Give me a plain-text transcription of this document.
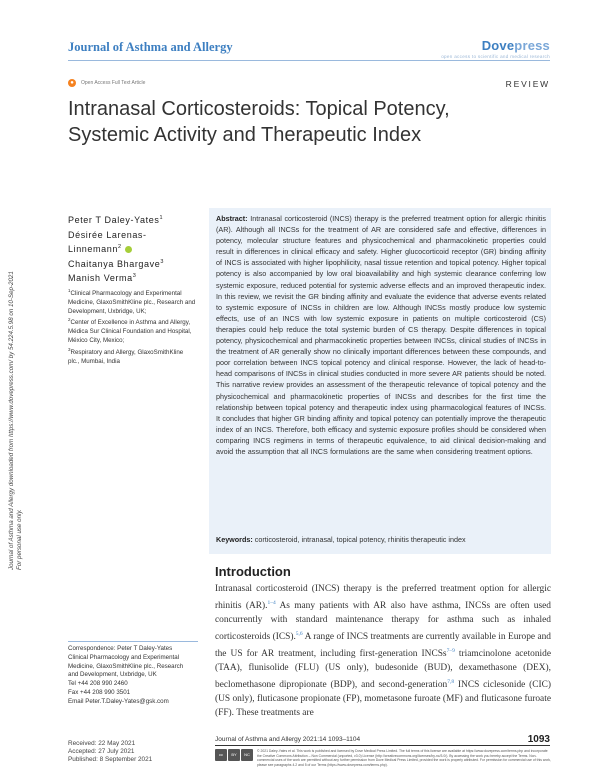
Journal of Asthma and Allergy	Dovepress
open access to scientific and medical research
●	Open Access Full Text Article	REVIEW
Intranasal Corticosteroids: Topical Potency,
Systemic Activity and Therapeutic Index
Journal of Asthma and Allergy downloaded from https://www.dovepress.com/ by 54.224.5.98 on 10-Sep-2021 For personal use only.
Peter T Daley-Yates$^1$
Désirée Larenas-
Linnemann$^2$
Chaitanya Bhargave$^3$
Manish Verma$^3$
$^1$Clinical Pharmacology and Experimental Medicine, GlaxoSmithKline plc., Research and Development, Uxbridge, UK;
$^2$Center of Excellence in Asthma and Allergy, Médica Sur Clinical Foundation and Hospital, México City, Mexico;
$^3$Respiratory and Allergy, GlaxoSmithKline plc., Mumbai, India
Abstract: Intranasal corticosteroid (INCS) therapy is the preferred treatment option for allergic rhinitis (AR). Although all INCSs for the treatment of AR are considered safe and effective, differences in potency, molecular structure features and physicochemical and pharmacokinetic properties could result in differences in clinical efficacy and safety. Higher glucocorticoid receptor (GR) binding affinity of INCS is associated with higher lipophilicity, nasal tissue retention and topical potency. Higher topical potency is also accompanied by low oral bioavailability and high systemic clearance conferring low systemic exposure, reduced potential for systemic adverse effects and an improved therapeutic index. In this review, we revisit the GR binding affinity and evaluate the evidence that adverse events related to systemic exposure of INCSs in children are low. Although INCSs mostly produce low systemic effects, use of an INCS with low systemic exposure in patients on multiple corticosteroid (CS) therapies could help reduce the total systemic burden of CS therapy. Despite differences in topical potency, physicochemical and pharmacokinetic properties between INCSs, clinical studies of INCSs in the treatment of AR generally show no clinically important differences between these compounds, and poor correlation between INCS topical potency and clinical response. However, the lack of head-to-head comparisons of INCSs in clinical studies conducted in more severe AR patients should be noted. This narrative review provides an assessment of the therapeutic relevance of topical potency and the physicochemical and pharmacokinetic properties of INCSs and describes for the first time the relationship between topical potency and therapeutic index using pharmacological features of INCSs. It concludes that higher GR binding affinity and topical potency can potentially improve the therapeutic index of an INCS. Therefore, both efficacy and systemic exposure profiles should be considered when comparing INCS regimens in terms of therapeutic equivalence, to aid clinical decision-making and avoid the assumption that all INCS formulations are the same when considering treatment options.
Keywords: corticosteroid, intranasal, topical potency, rhinitis therapeutic index
Introduction
Intranasal corticosteroid (INCS) therapy is the preferred treatment option for allergic rhinitis (AR).$^{1-4}$ As many patients with AR also have asthma, INCSs are often used concurrently with standard maintenance therapy for asthma such as inhaled corticosteroids (ICS).$^{5,6}$ A range of INCS treatments are currently available in Europe and the US for AR treatment, including first-generation INCSs$^{7-9}$ triamcinolone acetonide (TAA), flunisolide (FLU) (US only), budesonide (BUD), dexamethasone (DEX), beclomethasone dipropionate (BDP), and second-generation$^{7,8}$ INCS ciclesonide (CIC) (US only), fluticasone propionate (FP), mometasone furoate (MF) and fluticasone furoate (FF). These treatments are
Correspondence: Peter T Daley-Yates
Clinical Pharmacology and Experimental
Medicine, GlaxoSmithKline plc., Research
and Development, Uxbridge, UK
Tel +44 208 990 2460
Fax +44 208 990 3501
Email Peter.T.Daley-Yates@gsk.com
Received: 22 May 2021
Accepted: 27 July 2021
Published: 8 September 2021
Journal of Asthma and Allergy 2021:14 1093–1104	1093
cc	BY	NC
© 2021 Daley-Yates et al. This work is published and licensed by Dove Medical Press Limited. The full terms of this license are available at https://www.dovepress.com/terms.php and incorporate the Creative Commons Attribution – Non Commercial (unported, v3.0) License (http://creativecommons.org/licenses/by-nc/3.0/). By accessing the work you hereby accept the Terms. Non-commercial uses of the work are permitted without any further permission from Dove Medical Press Limited, provided the work is properly attributed. For permission for commercial use of this work, please see paragraphs 4.2 and 5 of our Terms (https://www.dovepress.com/terms.php).
